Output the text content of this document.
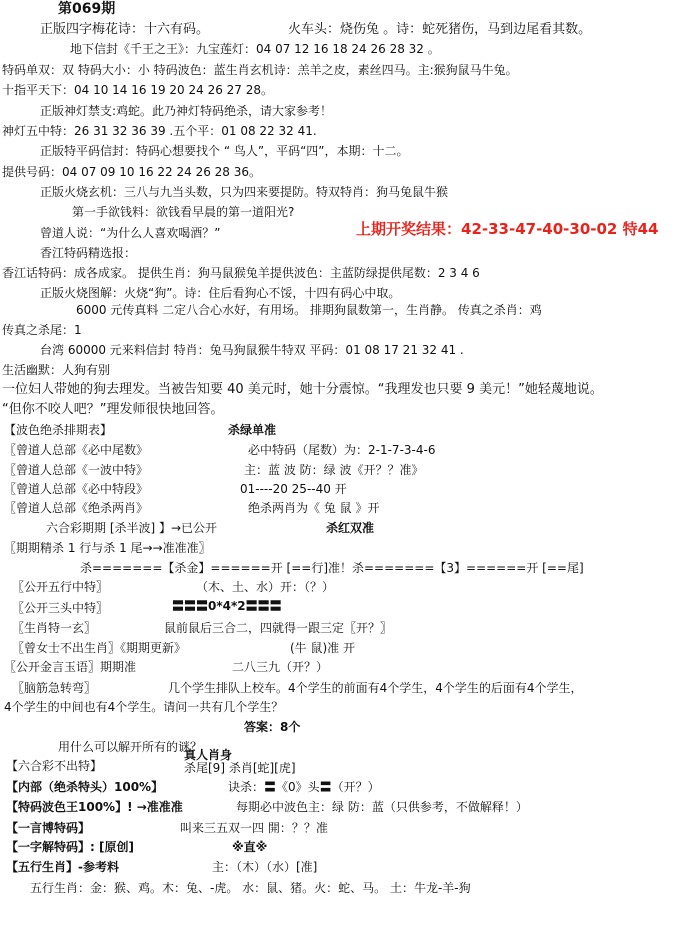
第069期
正版四字梅花诗：十六有码。	火车头：烧伤兔 。诗：蛇死猪伤，马到边尾看其数。
地下信封《千王之王》：九宝莲灯：04 07 12 16 18 24 26 28 32 。
特码单双：双 特码大小：小 特码波色：蓝生肖玄机诗：羔羊之皮，素丝四马。主:猴狗鼠马牛兔。
十指平天下：04 10 14 16 19 20 24 26 27 28。
正版神灯禁支:鸡蛇。此乃神灯特码绝杀，请大家参考！
神灯五中特：26 31 32 36 39 .五个平：01 08 22 32 41.
正版特平码信封：特码心想要找个 “ 鸟人”，平码“四”，本期：十二。
提供号码：04 07 09 10 16 22 24 26 28 36。
正版火烧玄机：三八与九当头数，只为四来要提防。特双特肖：狗马兔鼠牛猴
第一手欲钱料：欲钱看早晨的第一道阳光?
曾道人说：“为什么人喜欢喝酒？”	上期开奖结果：42-33-47-40-30-02 特44
香江特码精选报：
香江话特码：成各成家。 提供生肖：狗马鼠猴兔羊提供波色：主蓝防绿提供尾数：2 3 4 6
正版火烧图解：火烧“狗”。诗：住后看狗心不馁，十四有码心中取。
6000 元传真料 二定八合心水好，有用场。 排期狗鼠数第一，生肖静。 传真之杀肖：鸡
传真之杀尾：1
台湾 60000 元来料信封 特肖：兔马狗鼠猴牛特双 平码：01 08 17 21 32 41 .
生活幽默：人狗有别
一位妇人带她的狗去理发。当被告知要 40 美元时，她十分震惊。“我理发也只要 9 美元！”她轻蔑地说。
“但你不咬人吧？”理发师很快地回答。
【波色绝杀排期表】	杀绿单准
〖曾道人总部《必中尾数》	必中特码（尾数）为：2-1-7-3-4-6
〖曾道人总部《一波中特》	主：蓝 波 防：绿 波《开？？准》
〖曾道人总部《必中特段》	01----20 25--40 开
〖曾道人总部《绝杀两肖》	绝杀两肖为《 兔 鼠 》开
六合彩期期 [杀半波] 】→已公开	杀红双准
〖期期精杀 1 行与杀 1 尾→→准准准〗
杀=======【杀金】======开 [==行]准！杀=======【3】======开 [==尾]
〖公开五行中特〗	（木、土、水）开：（？）
〖公开三头中特〗	〓〓〓0*4*2〓〓〓
〖生肖特一玄〗	鼠前鼠后三合二，四就得一跟三定〖开？〗
〖曾女士不出生肖〗《期期更新》	(牛 鼠)准 开
〖公开金言玉语〗期期准	二八三九（开？）
〖脑筋急转弯〗	几个学生排队上校车。4个学生的前面有4个学生，4个学生的后面有4个学生，
4个学生的中间也有4个学生。请问一共有几个学生？
答案：8个
用什么可以解开所有的谜？
真人肖身
【六合彩不出特】	杀尾[9] 杀肖[蛇][虎]
【内部（绝杀特头）100%】	诀杀：〓《0》头〓（开？）
【特码波色王100%】! →准准准	每期必中波色主：绿 防：蓝（只供参考，不做解释！）
【一言博特码】	叫来三五双一四 開：？？准
【一字解特码】: [原创]	※直※
【五行生肖】-参考料	主：（木）（水）[准]
五行生肖：金：猴、鸡。木：兔、-虎。 水：鼠、猪。火：蛇、马。 土：牛龙-羊-狗
